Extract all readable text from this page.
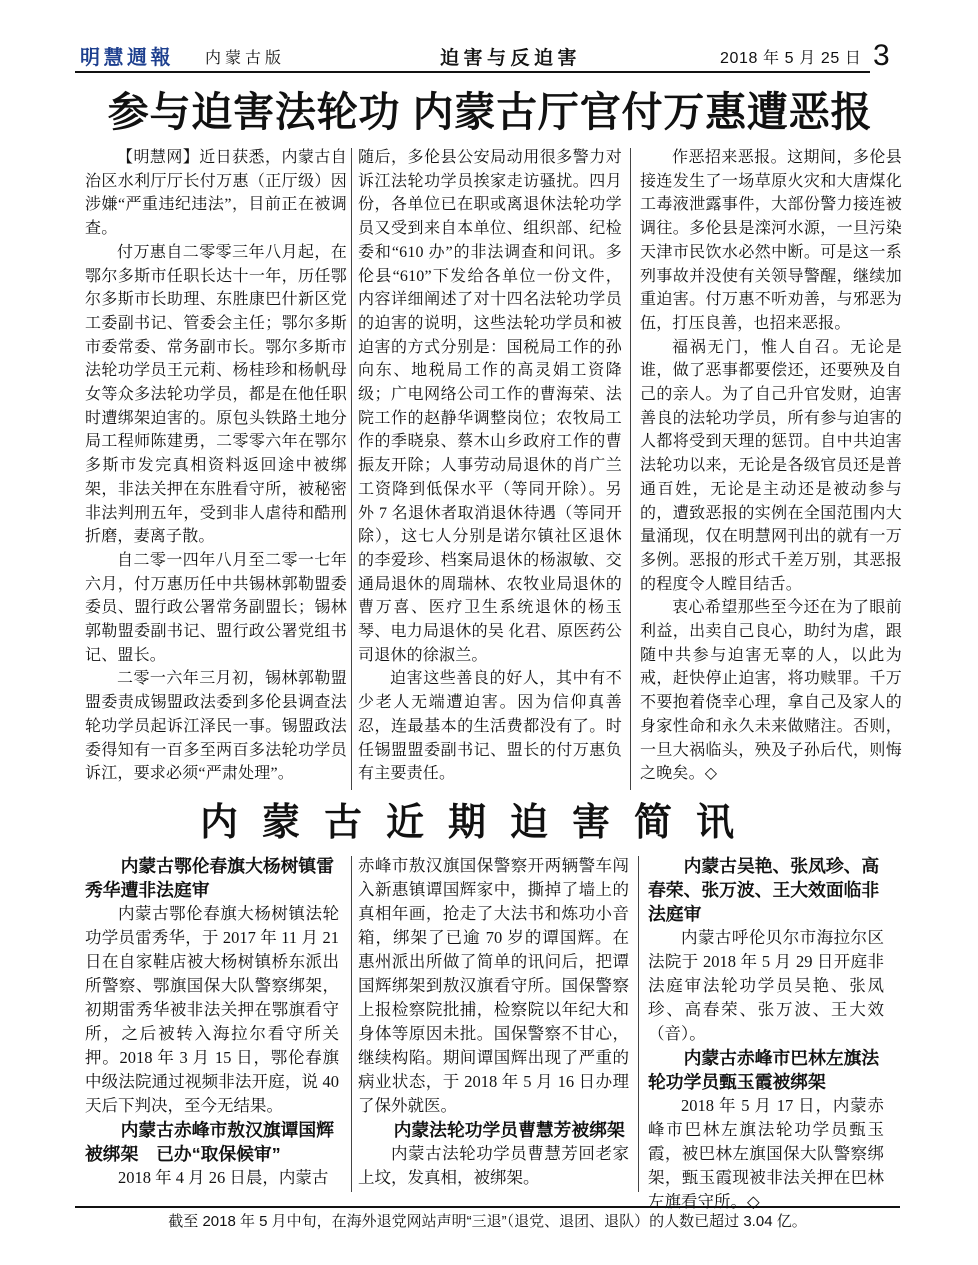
明慧週報 内蒙古版	迫害与反迫害	2018 年 5 月 25 日 3
参与迫害法轮功 内蒙古厅官付万惠遭恶报

【明慧网】近日获悉，内蒙古自治区水利厅厅长付万惠（正厅级）因涉嫌“严重违纪违法”，目前正在被调查。

付万惠自二零零三年八月起，在鄂尔多斯市任职长达十一年，历任鄂尔多斯市长助理、东胜康巴什新区党工委副书记、管委会主任；鄂尔多斯市委常委、常务副市长。鄂尔多斯市法轮功学员王元莉、杨桂珍和杨帆母女等众多法轮功学员，都是在他任职时遭绑架迫害的。原包头铁路土地分局工程师陈建勇，二零零六年在鄂尔多斯市发完真相资料返回途中被绑架，非法关押在东胜看守所，被秘密非法判刑五年，受到非人虐待和酷刑折磨，妻离子散。

自二零一四年八月至二零一七年六月，付万惠历任中共锡林郭勒盟委委员、盟行政公署常务副盟长；锡林郭勒盟委副书记、盟行政公署党组书记、盟长。

二零一六年三月初，锡林郭勒盟盟委责成锡盟政法委到多伦县调查法轮功学员起诉江泽民一事。锡盟政法委得知有一百多至两百多法轮功学员诉江，要求必须“严肃处理”。

随后，多伦县公安局动用很多警力对诉江法轮功学员挨家走访骚扰。四月份，各单位已在职或离退休法轮功学员又受到来自本单位、组织部、纪检委和“610 办”的非法调查和问讯。多伦县“610”下发给各单位一份文件，内容详细阐述了对十四名法轮功学员的迫害的说明，这些法轮功学员和被迫害的方式分别是：国税局工作的孙向东、地税局工作的高灵娟工资降级；广电网络公司工作的曹海荣、法院工作的赵静华调整岗位；农牧局工作的季晓泉、蔡木山乡政府工作的曹振友开除；人事劳动局退休的肖广兰工资降到低保水平（等同开除）。另外 7 名退休者取消退休待遇（等同开除），这七人分别是诺尔镇社区退休的李爱珍、档案局退休的杨淑敏、交通局退休的周瑞林、农牧业局退休的曹万喜、医疗卫生系统退休的杨玉琴、电力局退休的吴 化君、原医药公司退休的徐淑兰。

迫害这些善良的好人，其中有不少老人无端遭迫害。因为信仰真善忍，连最基本的生活费都没有了。时任锡盟盟委副书记、盟长的付万惠负有主要责任。

作恶招来恶报。这期间，多伦县接连发生了一场草原火灾和大唐煤化工毒液泄露事件，大部份警力接连被调往。多伦县是滦河水源，一旦污染天津市民饮水必然中断。可是这一系列事故并没使有关领导警醒，继续加重迫害。付万惠不听劝善，与邪恶为伍，打压良善，也招来恶报。

福祸无门，惟人自召。无论是谁，做了恶事都要偿还，还要殃及自己的亲人。为了自己升官发财，迫害善良的法轮功学员，所有参与迫害的人都将受到天理的惩罚。自中共迫害法轮功以来，无论是各级官员还是普通百姓，无论是主动还是被动参与的，遭致恶报的实例在全国范围内大量涌现，仅在明慧网刊出的就有一万多例。恶报的形式千差万别，其恶报的程度令人瞠目结舌。

衷心希望那些至今还在为了眼前利益，出卖自己良心，助纣为虐，跟随中共参与迫害无辜的人，以此为戒，赶快停止迫害，将功赎罪。千万不要抱着侥幸心理，拿自己及家人的身家性命和永久未来做赌注。否则，一旦大祸临头，殃及子孙后代，则悔之晚矣。◇

内蒙古近期迫害简讯
内蒙古鄂伦春旗大杨树镇雷秀华遭非法庭审

内蒙古鄂伦春旗大杨树镇法轮功学员雷秀华，于 2017 年 11 月 21 日在自家鞋店被大杨树镇桥东派出所警察、鄂旗国保大队警察绑架，初期雷秀华被非法关押在鄂旗看守所，之后被转入海拉尔看守所关押。2018 年 3 月 15 日，鄂伦春旗中级法院通过视频非法开庭，说 40 天后下判决，至今无结果。

内蒙古赤峰市敖汉旗谭国辉被绑架　已办“取保候审”

2018 年 4 月 26 日晨，内蒙古

赤峰市敖汉旗国保警察开两辆警车闯入新惠镇谭国辉家中，撕掉了墙上的真相年画，抢走了大法书和炼功小音箱，绑架了已逾 70 岁的谭国辉。在惠州派出所做了简单的讯问后，把谭国辉绑架到敖汉旗看守所。国保警察上报检察院批捕，检察院以年纪大和身体等原因未批。国保警察不甘心，继续构陷。期间谭国辉出现了严重的病业状态，于 2018 年 5 月 16 日办理了保外就医。

内蒙法轮功学员曹慧芳被绑架

内蒙古法轮功学员曹慧芳回老家上坟，发真相，被绑架。

内蒙古吴艳、张凤珍、高春荣、张万波、王大效面临非法庭审

内蒙古呼伦贝尔市海拉尔区法院于 2018 年 5 月 29 日开庭非法庭审法轮功学员吴艳、张凤珍、高春荣、张万波、王大效（音）。

内蒙古赤峰市巴林左旗法轮功学员甄玉霞被绑架

2018 年 5 月 17 日，内蒙赤峰市巴林左旗法轮功学员甄玉霞，被巴林左旗国保大队警察绑架，甄玉霞现被非法关押在巴林左旗看守所。◇

截至 2018 年 5 月中旬，在海外退党网站声明“三退”（退党、退团、退队）的人数已超过 3.04 亿。
